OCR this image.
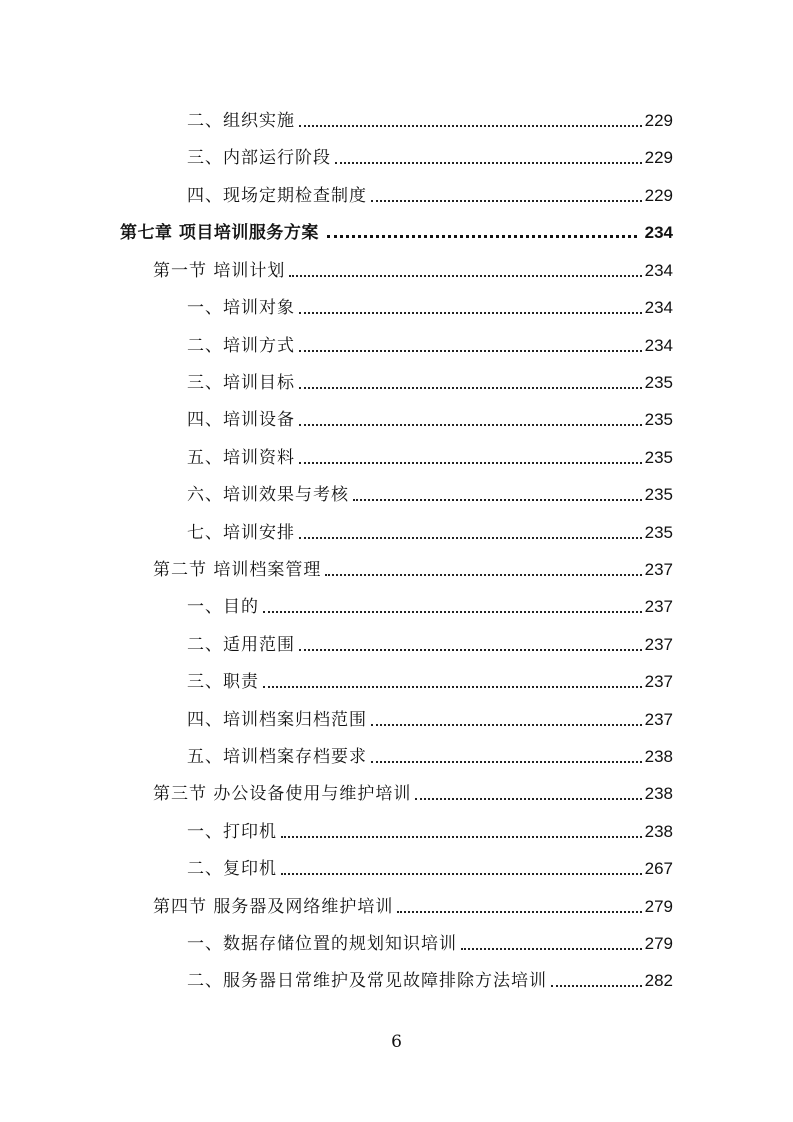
二、组织实施	229
三、内部运行阶段	229
四、现场定期检查制度	229
第七章 项目培训服务方案	234
第一节 培训计划	234
一、培训对象	234
二、培训方式	234
三、培训目标	235
四、培训设备	235
五、培训资料	235
六、培训效果与考核	235
七、培训安排	235
第二节 培训档案管理	237
一、目的	237
二、适用范围	237
三、职责	237
四、培训档案归档范围	237
五、培训档案存档要求	238
第三节 办公设备使用与维护培训	238
一、打印机	238
二、复印机	267
第四节 服务器及网络维护培训	279
一、数据存储位置的规划知识培训	279
二、服务器日常维护及常见故障排除方法培训	282
6
